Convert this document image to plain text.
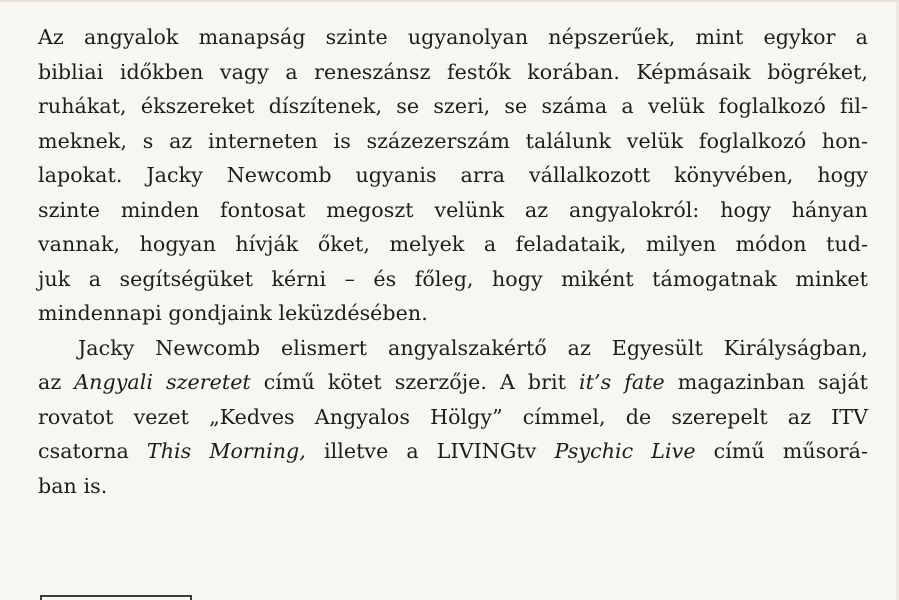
Az angyalok manapság szinte ugyanolyan népszerűek, mint egykor a
bibliai időkben vagy a reneszánsz festők korában. Képmásaik bögréket,
ruhákat, ékszereket díszítenek, se szeri, se száma a velük foglalkozó fil-
meknek, s az interneten is százezerszám találunk velük foglalkozó hon-
lapokat. Jacky Newcomb ugyanis arra vállalkozott könyvében, hogy
szinte minden fontosat megoszt velünk az angyalokról: hogy hányan
vannak, hogyan hívják őket, melyek a feladataik, milyen módon tud-
juk a segítségüket kérni – és főleg, hogy miként támogatnak minket
mindennapi gondjaink leküzdésében.
Jacky Newcomb elismert angyalszakértő az Egyesült Királyságban,
az Angyali szeretet című kötet szerzője. A brit it’s fate magazinban saját
rovatot vezet „Kedves Angyalos Hölgy” címmel, de szerepelt az ITV
csatorna This Morning, illetve a LIVINGtv Psychic Live című műsorá-
ban is.
